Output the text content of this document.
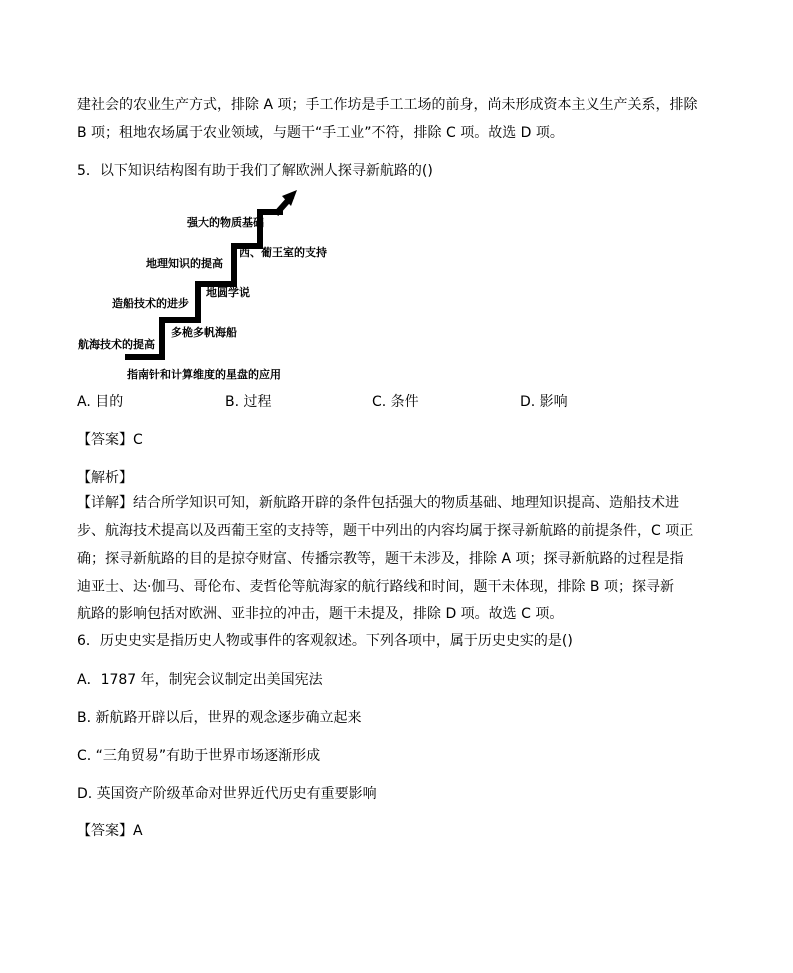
建社会的农业生产方式，排除 A 项；手工作坊是手工工场的前身，尚未形成资本主义生产关系，排除
B 项；租地农场属于农业领域，与题干“手工业”不符，排除 C 项。故选 D 项。
5．以下知识结构图有助于我们了解欧洲人探寻新航路的()
航海技术的提高
造船技术的进步
地理知识的提高
强大的物质基础
指南针和计算维度的星盘的应用
多桅多帆海船
地圆学说
西、葡王室的支持
A. 目的	B. 过程	C. 条件	D. 影响
【答案】C
【解析】
【详解】结合所学知识可知，新航路开辟的条件包括强大的物质基础、地理知识提高、造船技术进
步、航海技术提高以及西葡王室的支持等，题干中列出的内容均属于探寻新航路的前提条件，C 项正
确；探寻新航路的目的是掠夺财富、传播宗教等，题干未涉及，排除 A 项；探寻新航路的过程是指
迪亚士、达·伽马、哥伦布、麦哲伦等航海家的航行路线和时间，题干未体现，排除 B 项；探寻新
航路的影响包括对欧洲、亚非拉的冲击，题干未提及，排除 D 项。故选 C 项。
6．历史史实是指历史人物或事件的客观叙述。下列各项中，属于历史史实的是()
A．1787 年，制宪会议制定出美国宪法
B. 新航路开辟以后，世界的观念逐步确立起来
C. “三角贸易”有助于世界市场逐渐形成
D. 英国资产阶级革命对世界近代历史有重要影响
【答案】A
